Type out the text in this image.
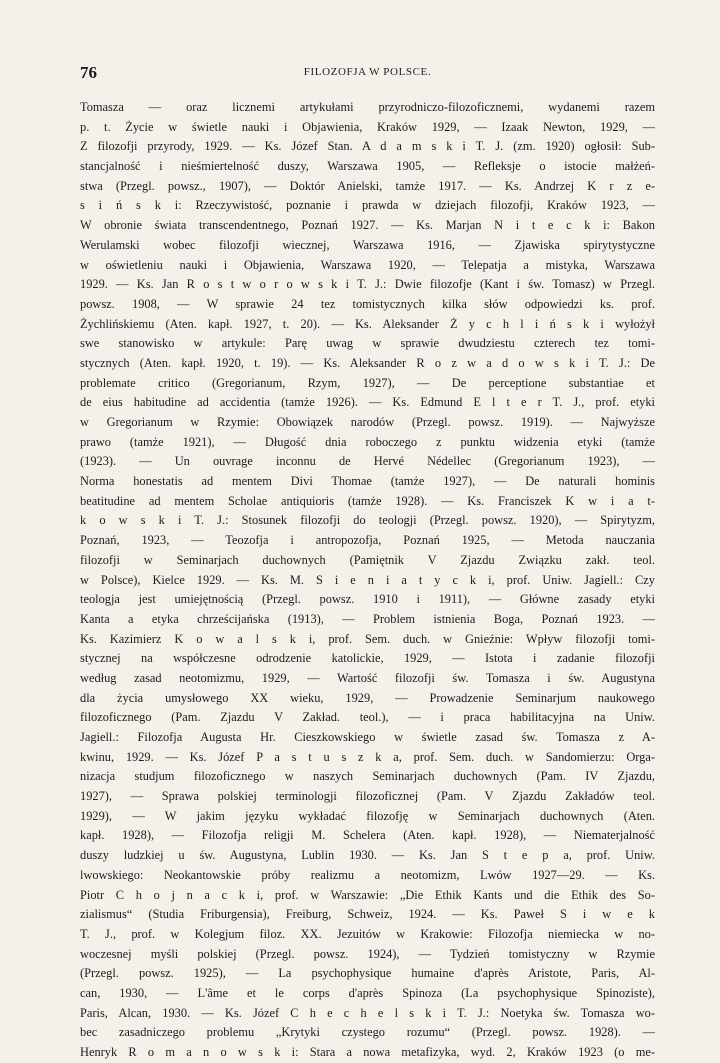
76	FILOZOFJA W POLSCE.
Tomasza — oraz licznemi artykułami przyrodniczo-filozoficznemi, wydanemi razem
p. t. Życie w świetle nauki i Objawienia, Kraków 1929, — Izaak Newton, 1929, —
Z filozofji przyrody, 1929. — Ks. Józef Stan. A d a m s k i T. J. (zm. 1920) ogłosił: Sub-
stancjalność i nieśmiertelność duszy, Warszawa 1905, — Refleksje o istocie małżeń-
stwa (Przegl. powsz., 1907), — Doktór Anielski, tamże 1917. — Ks. Andrzej K r z e-
s i ń s k i: Rzeczywistość, poznanie i prawda w dziejach filozofji, Kraków 1923, —
W obronie świata transcendentnego, Poznań 1927. — Ks. Marjan N i t e c k i: Bakon
Werulamski wobec filozofji wiecznej, Warszawa 1916, — Zjawiska spirytystyczne
w oświetleniu nauki i Objawienia, Warszawa 1920, — Telepatja a mistyka, Warszawa
1929. — Ks. Jan R o s t w o r o w s k i T. J.: Dwie filozofje (Kant i św. Tomasz) w Przegl.
powsz. 1908, — W sprawie 24 tez tomistycznych kilka słów odpowiedzi ks. prof.
Żychlińskiemu (Aten. kapł. 1927, t. 20). — Ks. Aleksander Ż y c h l i ń s k i wyłożył
swe stanowisko w artykule: Parę uwag w sprawie dwudziestu czterech tez tomi-
stycznych (Aten. kapł. 1920, t. 19). — Ks. Aleksander R o z w a d o w s k i T. J.: De
problemate critico (Gregorianum, Rzym, 1927), — De perceptione substantiae et
de eius habitudine ad accidentia (tamże 1926). — Ks. Edmund E l t e r T. J., prof. etyki
w Gregorianum w Rzymie: Obowiązek narodów (Przegl. powsz. 1919). — Najwyższe
prawo (tamże 1921), — Długość dnia roboczego z punktu widzenia etyki (tamże
(1923). — Un ouvrage inconnu de Hervé Nédellec (Gregorianum 1923), —
Norma honestatis ad mentem Divi Thomae (tamże 1927), — De naturali hominis
beatitudine ad mentem Scholae antiquioris (tamże 1928). — Ks. Franciszek K w i a t-
k o w s k i T. J.: Stosunek filozofji do teologji (Przegl. powsz. 1920), — Spirytyzm,
Poznań, 1923, — Teozofja i antropozofja, Poznań 1925, — Metoda nauczania
filozofji w Seminarjach duchownych (Pamiętnik V Zjazdu Związku zakł. teol.
w Polsce), Kielce 1929. — Ks. M. S i e n i a t y c k i, prof. Uniw. Jagiell.: Czy
teologja jest umiejętnością (Przegl. powsz. 1910 i 1911), — Główne zasady etyki
Kanta a etyka chrześcijańska (1913), — Problem istnienia Boga, Poznań 1923. —
Ks. Kazimierz K o w a l s k i, prof. Sem. duch. w Gnieźnie: Wpływ filozofji tomi-
stycznej na współczesne odrodzenie katolickie, 1929, — Istota i zadanie filozofji
według zasad neotomizmu, 1929, — Wartość filozofji św. Tomasza i św. Augustyna
dla życia umysłowego XX wieku, 1929, — Prowadzenie Seminarjum naukowego
filozoficznego (Pam. Zjazdu V Zakład. teol.), — i praca habilitacyjna na Uniw.
Jagiell.: Filozofja Augusta Hr. Cieszkowskiego w świetle zasad św. Tomasza z A-
kwinu, 1929. — Ks. Józef P a s t u s z k a, prof. Sem. duch. w Sandomierzu: Orga-
nizacja studjum filozoficznego w naszych Seminarjach duchownych (Pam. IV Zjazdu,
1927), — Sprawa polskiej terminologji filozoficznej (Pam. V Zjazdu Zakładów teol.
1929), — W jakim języku wykładać filozofję w Seminarjach duchownych (Aten.
kapł. 1928), — Filozofja religji M. Schelera (Aten. kapł. 1928), — Niematerjalność
duszy ludzkiej u św. Augustyna, Lublin 1930. — Ks. Jan S t e p a, prof. Uniw.
lwowskiego: Neokantowskie próby realizmu a neotomizm, Lwów 1927—29. — Ks.
Piotr C h o j n a c k i, prof. w Warszawie: „Die Ethik Kants und die Ethik des So-
zialismus“ (Studia Friburgensia), Freiburg, Schweiz, 1924. — Ks. Paweł S i w e k
T. J., prof. w Kolegjum filoz. XX. Jezuitów w Krakowie: Filozofja niemiecka w no-
woczesnej myśli polskiej (Przegl. powsz. 1924), — Tydzień tomistyczny w Rzymie
(Przegl. powsz. 1925), — La psychophysique humaine d'après Aristote, Paris, Al-
can, 1930, — L'âme et le corps d'après Spinoza (La psychophysique Spinoziste),
Paris, Alcan, 1930. — Ks. Józef C h e c h e l s k i T. J.: Noetyka św. Tomasza wo-
bec zasadniczego problemu „Krytyki czystego rozumu“ (Przegl. powsz. 1928). —
Henryk R o m a n o w s k i: Stara a nowa metafizyka, wyd. 2, Kraków 1923 (o me-
